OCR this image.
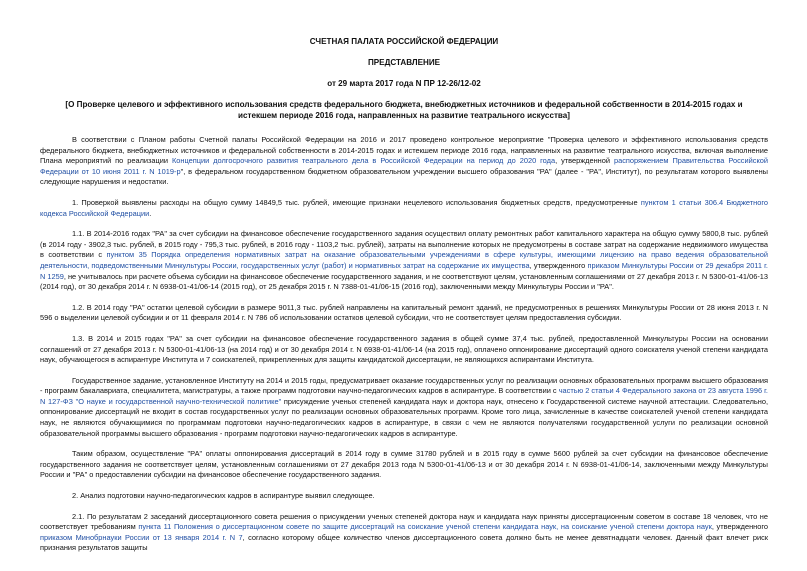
СЧЕТНАЯ ПАЛАТА РОССИЙСКОЙ ФЕДЕРАЦИИ
ПРЕДСТАВЛЕНИЕ
от 29 марта 2017 года N ПР 12-26/12-02
[О Проверке целевого и эффективного использования средств федерального бюджета, внебюджетных источников и федеральной собственности в 2014-2015 годах и истекшем периоде 2016 года, направленных на развитие театрального искусства]

В соответствии с Планом работы Счетной палаты Российской Федерации на 2016 и 2017 проведено контрольное мероприятие "Проверка целевого и эффективного использования средств федерального бюджета, внебюджетных источников и федеральной собственности в 2014-2015 годах и истекшем периоде 2016 года, направленных на развитие театрального искусства, включая выполнение Плана мероприятий по реализации Концепции долгосрочного развития театрального дела в Российской Федерации на период до 2020 года, утвержденной распоряжением Правительства Российской Федерации от 10 июня 2011 г. N 1019-р", в федеральном государственном бюджетном образовательном учреждении высшего образования "РА" (далее - "РА", Институт), по результатам которого выявлены следующие нарушения и недостатки.

1. Проверкой выявлены расходы на общую сумму 14849,5 тыс. рублей, имеющие признаки нецелевого использования бюджетных средств, предусмотренные пунктом 1 статьи 306.4 Бюджетного кодекса Российской Федерации.

1.1. В 2014-2016 годах "РА" за счет субсидии на финансовое обеспечение государственного задания осуществил оплату ремонтных работ капитального характера на общую сумму 5800,8 тыс. рублей (в 2014 году - 3902,3 тыс. рублей, в 2015 году - 795,3 тыс. рублей, в 2016 году - 1103,2 тыс. рублей), затраты на выполнение которых не предусмотрены в составе затрат на содержание недвижимого имущества в соответствии с пунктом 35 Порядка определения нормативных затрат на оказание образовательными учреждениями в сфере культуры, имеющими лицензию на право ведения образовательной деятельности, подведомственными Минкультуры России, государственных услуг (работ) и нормативных затрат на содержание их имущества, утвержденного приказом Минкультуры России от 29 декабря 2011 г. N 1259, не учитывалось при расчете объема субсидии на финансовое обеспечение государственного задания, и не соответствуют целям, установленным соглашениями от 27 декабря 2013 г. N 5300-01-41/06-13 (2014 год), от 30 декабря 2014 г. N 6938-01-41/06-14 (2015 год), от 25 декабря 2015 г. N 7388-01-41/06-15 (2016 год), заключенными между Минкультуры России и "РА".

1.2. В 2014 году "РА" остатки целевой субсидии в размере 9011,3 тыс. рублей направлены на капитальный ремонт зданий, не предусмотренных в решениях Минкультуры России от 28 июня 2013 г. N 596 о выделении целевой субсидии и от 11 февраля 2014 г. N 786 об использовании остатков целевой субсидии, что не соответствует целям предоставления субсидии.

1.3. В 2014 и 2015 годах "РА" за счет субсидии на финансовое обеспечение государственного задания в общей сумме 37,4 тыс. рублей, предоставленной Минкультуры России на основании соглашений от 27 декабря 2013 г. N 5300-01-41/06-13 (на 2014 год) и от 30 декабря 2014 г. N 6938-01-41/06-14 (на 2015 год), оплачено оппонирование диссертаций одного соискателя ученой степени кандидата наук, обучающегося в аспирантуре Института и 7 соискателей, прикрепленных для защиты кандидатской диссертации, не являющихся аспирантами Института.

Государственное задание, установленное Институту на 2014 и 2015 годы, предусматривает оказание государственных услуг по реализации основных образовательных программ высшего образования - программ бакалавриата, специалитета, магистратуры, а также программ подготовки научно-педагогических кадров в аспирантуре. В соответствии с частью 2 статьи 4 Федерального закона от 23 августа 1996 г. N 127-ФЗ "О науке и государственной научно-технической политике" присуждение ученых степеней кандидата наук и доктора наук, отнесено к Государственной системе научной аттестации. Следовательно, оппонирование диссертаций не входит в состав государственных услуг по реализации основных образовательных программ. Кроме того лица, зачисленные в качестве соискателей ученой степени кандидата наук, не являются обучающимися по программам подготовки научно-педагогических кадров в аспирантуре, в связи с чем не являются получателями государственной услуги по реализации основной образовательной программы высшего образования - программ подготовки научно-педагогических кадров в аспирантуре.

Таким образом, осуществление "РА" оплаты оппонирования диссертаций в 2014 году в сумме 31780 рублей и в 2015 году в сумме 5600 рублей за счет субсидии на финансовое обеспечение государственного задания не соответствует целям, установленным соглашениями от 27 декабря 2013 года N 5300-01-41/06-13 и от 30 декабря 2014 г. N 6938-01-41/06-14, заключенными между Минкультуры России и "РА" о предоставлении субсидии на финансовое обеспечение государственного задания.

2. Анализ подготовки научно-педагогических кадров в аспирантуре выявил следующее.

2.1. По результатам 2 заседаний диссертационного совета решения о присуждении ученых степеней доктора наук и кандидата наук приняты диссертационным советом в составе 18 человек, что не соответствует требованиям пункта 11 Положения о диссертационном совете по защите диссертаций на соискание ученой степени кандидата наук, на соискание ученой степени доктора наук, утвержденного приказом Минобрнауки России от 13 января 2014 г. N 7, согласно которому общее количество членов диссертационного совета должно быть не менее девятнадцати человек. Данный факт влечет риск признания результатов защиты
